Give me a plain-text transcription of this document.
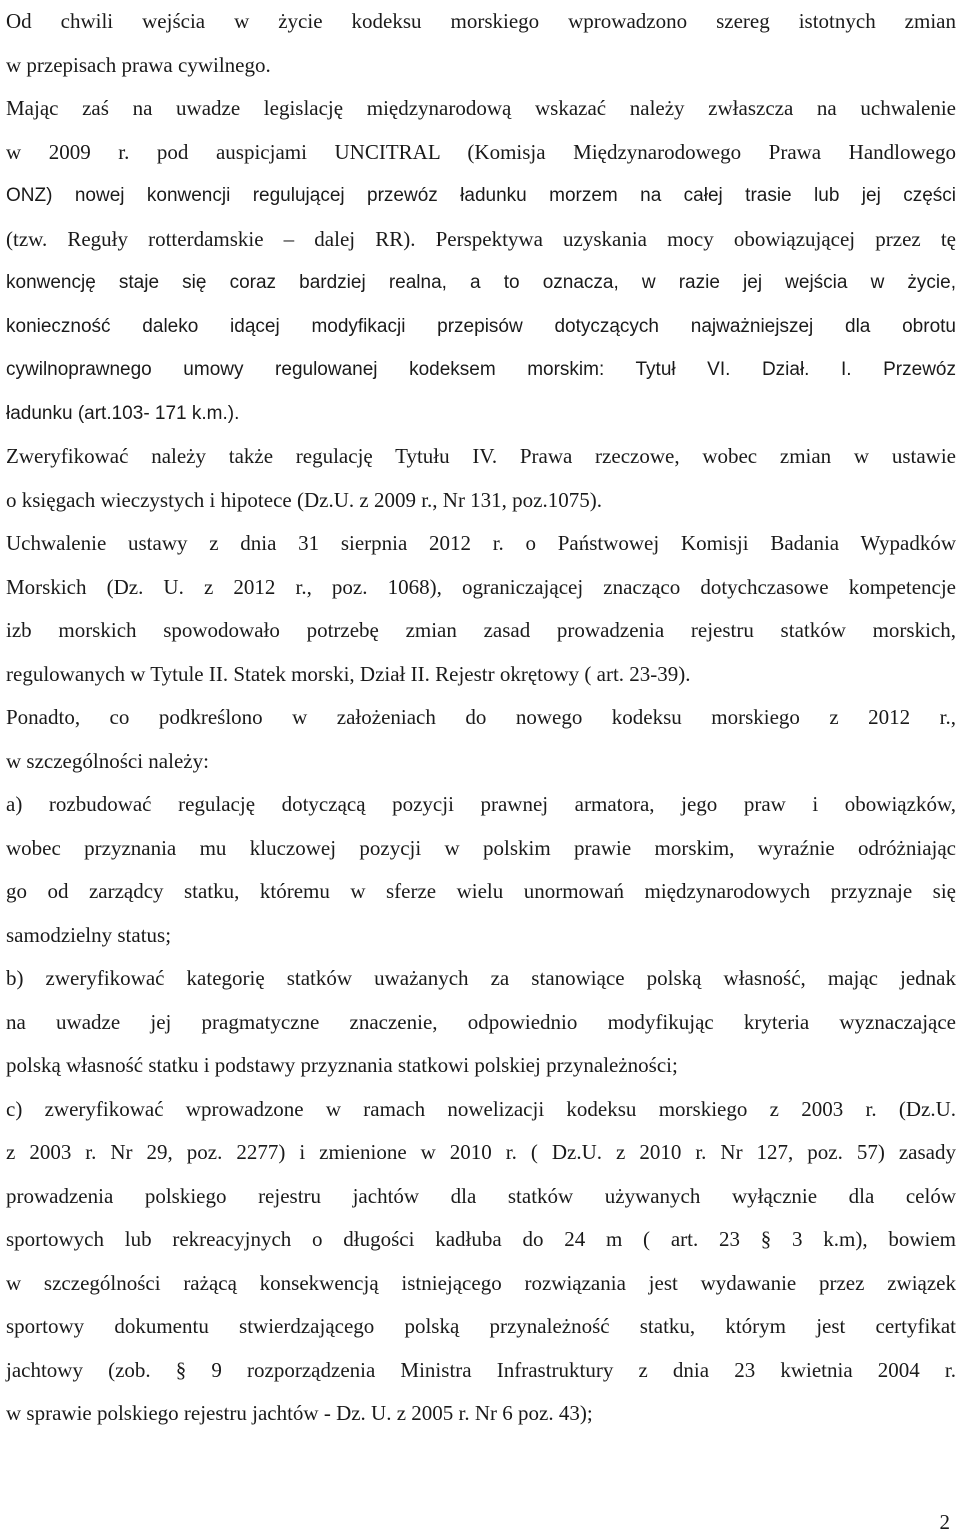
Od chwili wejścia w życie kodeksu morskiego wprowadzono szereg istotnych zmian
w przepisach prawa cywilnego.
Mając zaś na uwadze legislację międzynarodową wskazać należy zwłaszcza na uchwalenie
w 2009 r. pod auspicjami UNCITRAL (Komisja Międzynarodowego Prawa Handlowego
ONZ) nowej konwencji regulującej przewóz ładunku morzem na całej trasie lub jej części
(tzw. Reguły rotterdamskie – dalej RR). Perspektywa uzyskania mocy obowiązującej przez tę
konwencję staje się coraz bardziej realna, a to oznacza, w razie jej wejścia w życie,
konieczność daleko idącej modyfikacji przepisów dotyczących najważniejszej dla obrotu
cywilnoprawnego umowy regulowanej kodeksem morskim: Tytuł VI. Dział. I. Przewóz
ładunku (art.103- 171 k.m.).
Zweryfikować należy także regulację Tytułu IV. Prawa rzeczowe, wobec zmian w ustawie
o księgach wieczystych i hipotece (Dz.U. z 2009 r., Nr 131, poz.1075).
Uchwalenie ustawy z dnia 31 sierpnia 2012 r. o Państwowej Komisji Badania Wypadków
Morskich (Dz. U. z 2012 r., poz. 1068), ograniczającej znacząco dotychczasowe kompetencje
izb morskich spowodowało potrzebę zmian zasad prowadzenia rejestru statków morskich,
regulowanych w Tytule II. Statek morski, Dział II. Rejestr okrętowy ( art. 23-39).
Ponadto, co podkreślono w założeniach do nowego kodeksu morskiego z 2012 r.,
w szczególności należy:
a) rozbudować regulację dotyczącą pozycji prawnej armatora, jego praw i obowiązków,
wobec przyznania mu kluczowej pozycji w polskim prawie morskim, wyraźnie odróżniając
go od zarządcy statku, któremu w sferze wielu unormowań międzynarodowych przyznaje się
samodzielny status;
b) zweryfikować kategorię statków uważanych za stanowiące polską własność, mając jednak
na uwadze jej pragmatyczne znaczenie, odpowiednio modyfikując kryteria wyznaczające
polską własność statku i podstawy przyznania statkowi polskiej przynależności;
c) zweryfikować wprowadzone w ramach nowelizacji kodeksu morskiego z 2003 r. (Dz.U.
z 2003 r. Nr 29, poz. 2277) i zmienione w 2010 r. ( Dz.U. z 2010 r. Nr 127, poz. 57) zasady
prowadzenia polskiego rejestru jachtów dla statków używanych wyłącznie dla celów
sportowych lub rekreacyjnych o długości kadłuba do 24 m ( art. 23 § 3 k.m), bowiem
w szczególności rażącą konsekwencją istniejącego rozwiązania jest wydawanie przez związek
sportowy dokumentu stwierdzającego polską przynależność statku, którym jest certyfikat
jachtowy (zob. § 9 rozporządzenia Ministra Infrastruktury z dnia 23 kwietnia 2004 r.
w sprawie polskiego rejestru jachtów - Dz. U. z 2005 r. Nr 6 poz. 43);
2
